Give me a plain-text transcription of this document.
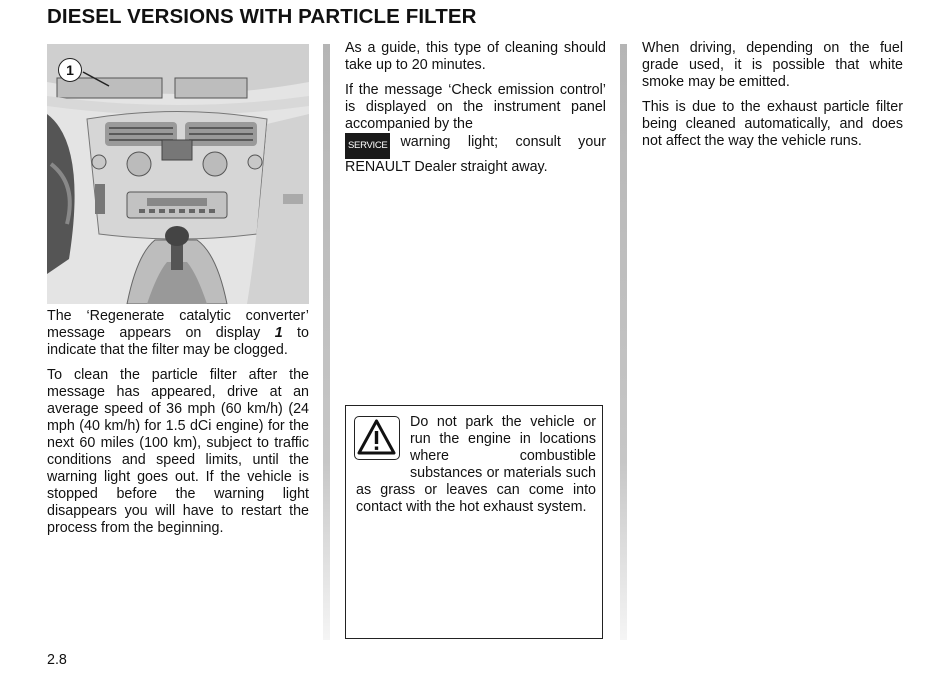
DIESEL VERSIONS WITH PARTICLE FILTER
1

The ‘Regenerate catalytic converter’ message appears on display 1 to indicate that the filter may be clogged.

To clean the particle filter after the message has appeared, drive at an average speed of 36 mph (60 km/h) (24 mph (40 km/h) for 1.5 dCi engine) for the next 60 miles (100 km), subject to traffic conditions and speed limits, until the warning light goes out. If the vehicle is stopped before the warning light disappears you will have to restart the process from the beginning.

As a guide, this type of cleaning should take up to 20 minutes.

If the message ‘Check emission control’ is displayed on the instrument panel accompanied by the
SERVICE warning light; consult your RENAULT Dealer straight away.

Do not park the vehicle or run the engine in locations where combustible substances or materials such as grass or leaves can come into contact with the hot exhaust system.

When driving, depending on the fuel grade used, it is possible that white smoke may be emitted.

This is due to the exhaust particle filter being cleaned automatically, and does not affect the way the vehicle runs.

2.8
